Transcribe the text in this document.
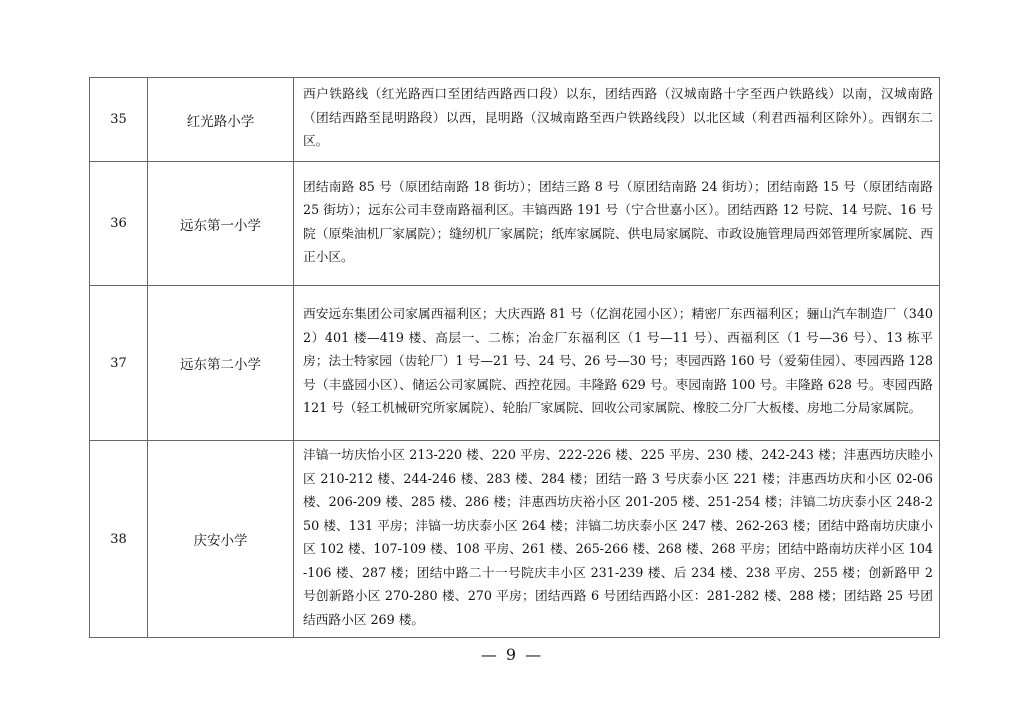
35	红光路小学	西户铁路线（红光路西口至团结西路西口段）以东，团结西路（汉城南路十字至西户铁路线）以南，汉城南路（团结西路至昆明路段）以西，昆明路（汉城南路至西户铁路线段）以北区域（利君西福利区除外）。西钢东二区。
36	远东第一小学	团结南路 85 号（原团结南路 18 街坊）；团结三路 8 号（原团结南路 24 街坊）；团结南路 15 号（原团结南路 25 街坊）；远东公司丰登南路福利区。丰镐西路 191 号（宁合世嘉小区）。团结西路 12 号院、14 号院、16 号院（原柴油机厂家属院）；缝纫机厂家属院；纸库家属院、供电局家属院、市政设施管理局西郊管理所家属院、西正小区。
37	远东第二小学	西安远东集团公司家属西福利区；大庆西路 81 号（亿润花园小区）；精密厂东西福利区；骊山汽车制造厂（3402）401 楼—419 楼、高层一、二栋；冶金厂东福利区（1 号—11 号）、西福利区（1 号—36 号）、13 栋平房；法士特家园（齿轮厂）1 号—21 号、24 号、26 号—30 号；枣园西路 160 号（爱菊佳园）、枣园西路 128 号（丰盛园小区）、储运公司家属院、西控花园。丰隆路 629 号。枣园南路 100 号。丰隆路 628 号。枣园西路 121 号（轻工机械研究所家属院）、轮胎厂家属院、回收公司家属院、橡胶二分厂大板楼、房地二分局家属院。
38	庆安小学	沣镐一坊庆怡小区 213-220 楼、220 平房、222-226 楼、225 平房、230 楼、242-243 楼；沣惠西坊庆睦小区 210-212 楼、244-246 楼、283 楼、284 楼；团结一路 3 号庆泰小区 221 楼；沣惠西坊庆和小区 02-06 楼、206-209 楼、285 楼、286 楼；沣惠西坊庆裕小区 201-205 楼、251-254 楼；沣镐二坊庆泰小区 248-250 楼、131 平房；沣镐一坊庆泰小区 264 楼；沣镐二坊庆泰小区 247 楼、262-263 楼；团结中路南坊庆康小区 102 楼、107-109 楼、108 平房、261 楼、265-266 楼、268 楼、268 平房；团结中路南坊庆祥小区 104-106 楼、287 楼；团结中路二十一号院庆丰小区 231-239 楼、后 234 楼、238 平房、255 楼；创新路甲 2 号创新路小区 270-280 楼、270 平房；团结西路 6 号团结西路小区：281-282 楼、288 楼；团结路 25 号团结西路小区 269 楼。
— 9 —
